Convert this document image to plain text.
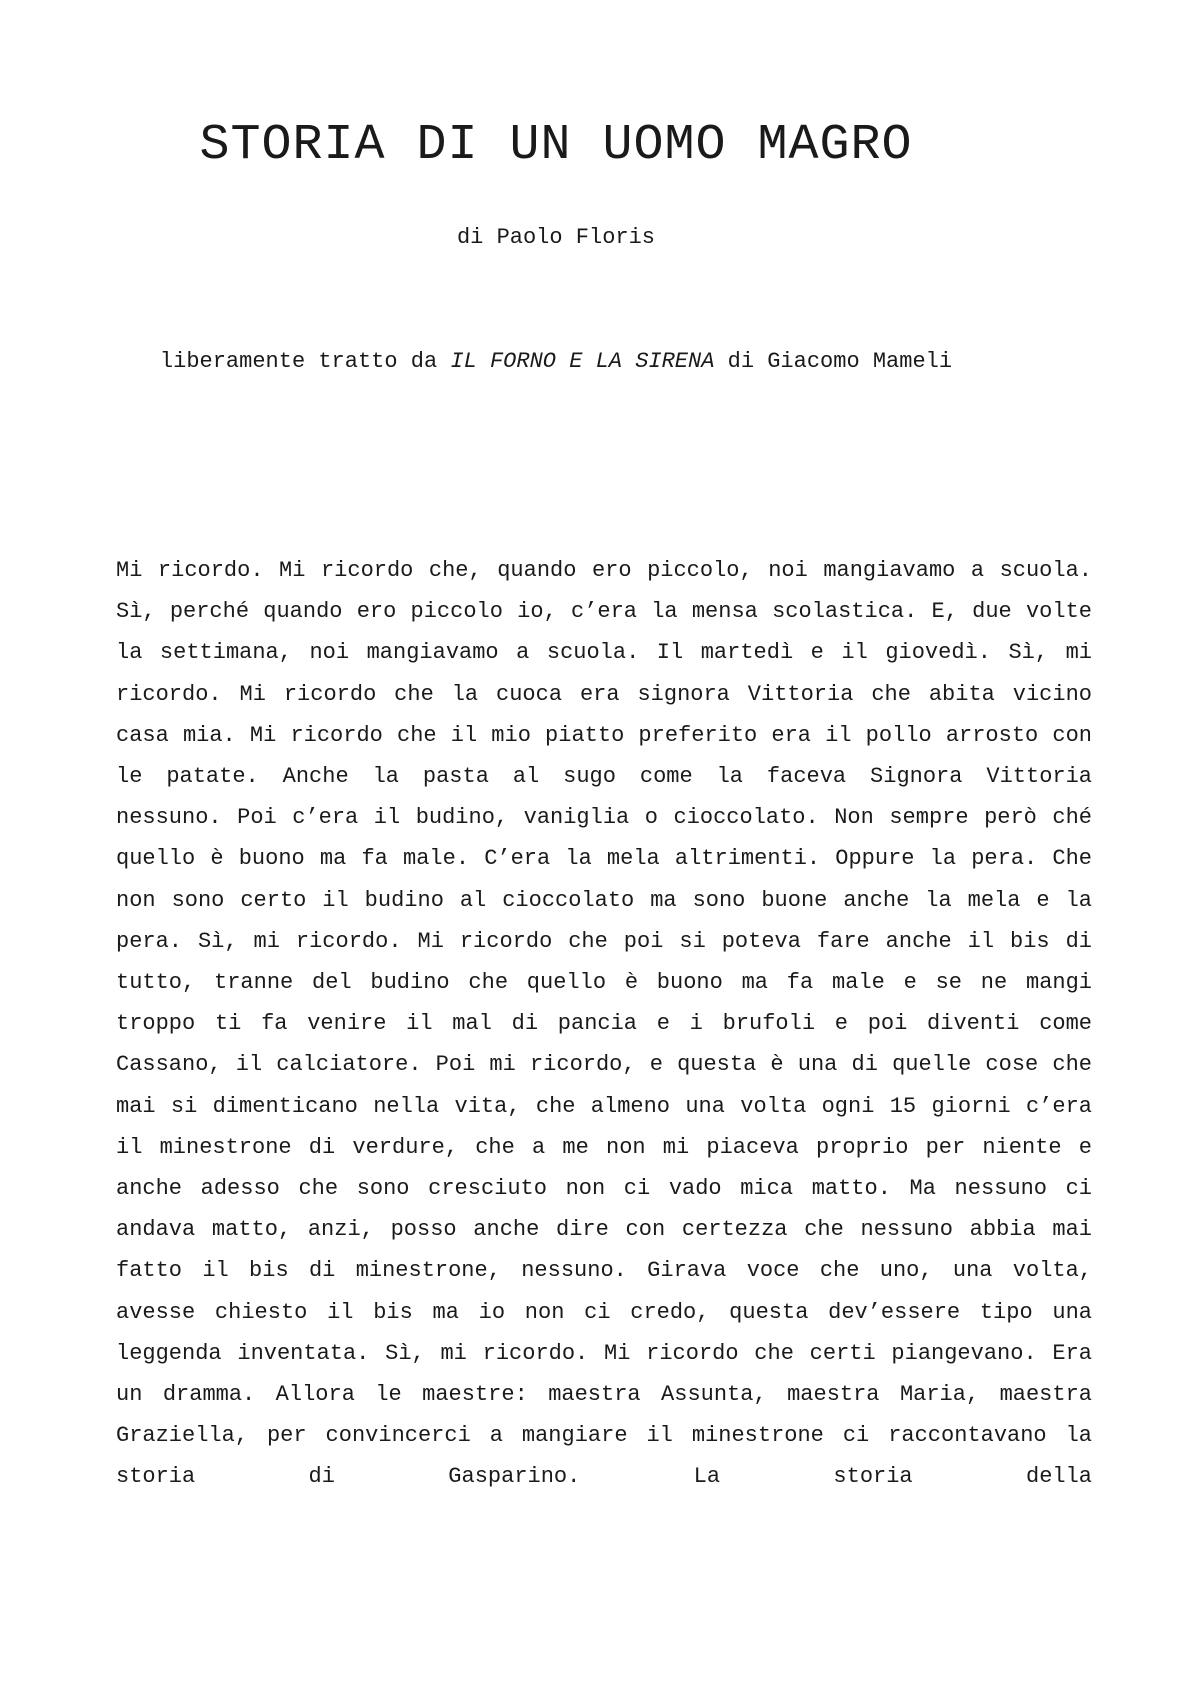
STORIA DI UN UOMO MAGRO
di Paolo Floris
liberamente tratto da IL FORNO E LA SIRENA di Giacomo Mameli

Mi ricordo. Mi ricordo che, quando ero piccolo, noi mangiavamo a scuola. Sì, perché quando ero piccolo io, c’era la mensa scolastica. E, due volte la settimana, noi mangiavamo a scuola. Il martedì e il giovedì. Sì, mi ricordo. Mi ricordo che la cuoca era signora Vittoria che abita vicino casa mia. Mi ricordo che il mio piatto preferito era il pollo arrosto con le patate. Anche la pasta al sugo come la faceva Signora Vittoria nessuno. Poi c’era il budino, vaniglia o cioccolato. Non sempre però ché quello è buono ma fa male. C’era la mela altrimenti. Oppure la pera. Che non sono certo il budino al cioccolato ma sono buone anche la mela e la pera. Sì, mi ricordo. Mi ricordo che poi si poteva fare anche il bis di tutto, tranne del budino che quello è buono ma fa male e se ne mangi troppo ti fa venire il mal di pancia e i brufoli e poi diventi come Cassano, il calciatore. Poi mi ricordo, e questa è una di quelle cose che mai si dimenticano nella vita, che almeno una volta ogni 15 giorni c’era il minestrone di verdure, che a me non mi piaceva proprio per niente e anche adesso che sono cresciuto non ci vado mica matto. Ma nessuno ci andava matto, anzi, posso anche dire con certezza che nessuno abbia mai fatto il bis di minestrone, nessuno. Girava voce che uno, una volta, avesse chiesto il bis ma io non ci credo, questa dev’essere tipo una leggenda inventata. Sì, mi ricordo. Mi ricordo che certi piangevano. Era un dramma. Allora le maestre: maestra Assunta, maestra Maria, maestra Graziella, per convincerci a mangiare il minestrone ci raccontavano la storia di Gasparino. La storia della
